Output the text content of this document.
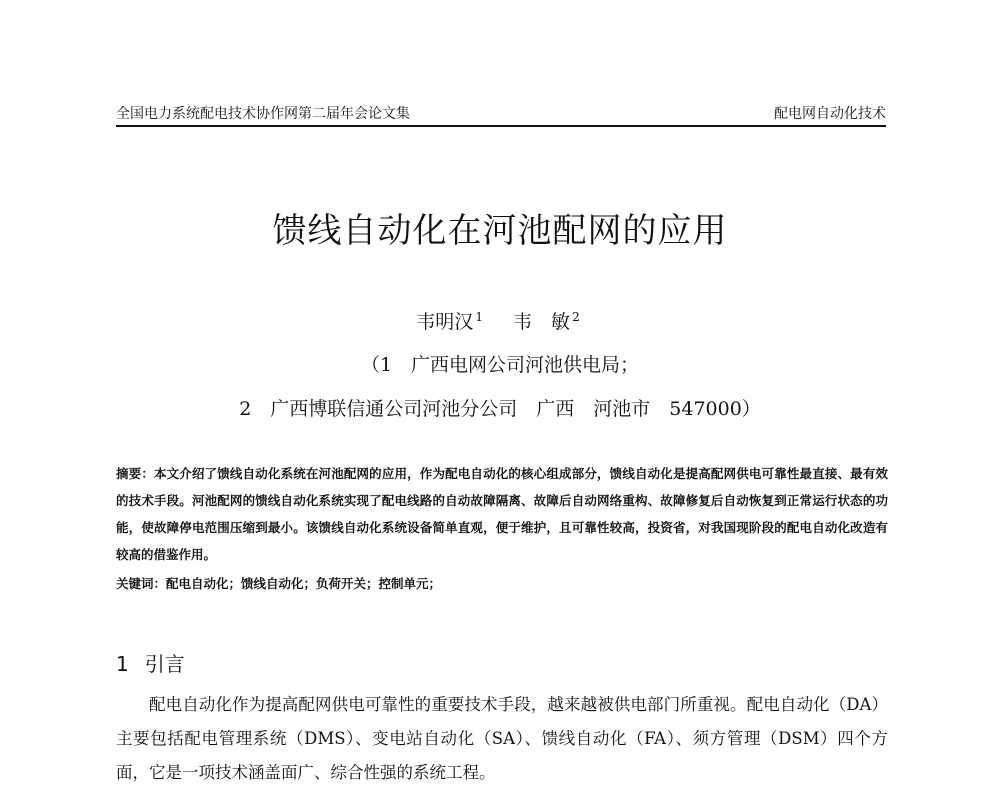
全国电力系统配电技术协作网第二届年会论文集	配电网自动化技术
馈线自动化在河池配网的应用
韦明汉 $^1$ 韦　敏 $^2$
（1　广西电网公司河池供电局；
2　广西博联信通公司河池分公司　广西　河池市　547000）
摘要：本文介绍了馈线自动化系统在河池配网的应用，作为配电自动化的核心组成部分，馈线自动化是提高配网供电可靠性最直接、最有效的技术手段。河池配网的馈线自动化系统实现了配电线路的自动故障隔离、故障后自动网络重构、故障修复后自动恢复到正常运行状态的功能，使故障停电范围压缩到最小。该馈线自动化系统设备简单直观，便于维护，且可靠性较高，投资省，对我国现阶段的配电自动化改造有较高的借鉴作用。
关键词：配电自动化；馈线自动化；负荷开关；控制单元；
1 引言
配电自动化作为提高配网供电可靠性的重要技术手段，越来越被供电部门所重视。配电自动化（DA）主要包括配电管理系统（DMS）、变电站自动化（SA）、馈线自动化（FA）、须方管理（DSM）四个方面，它是一项技术涵盖面广、综合性强的系统工程。
